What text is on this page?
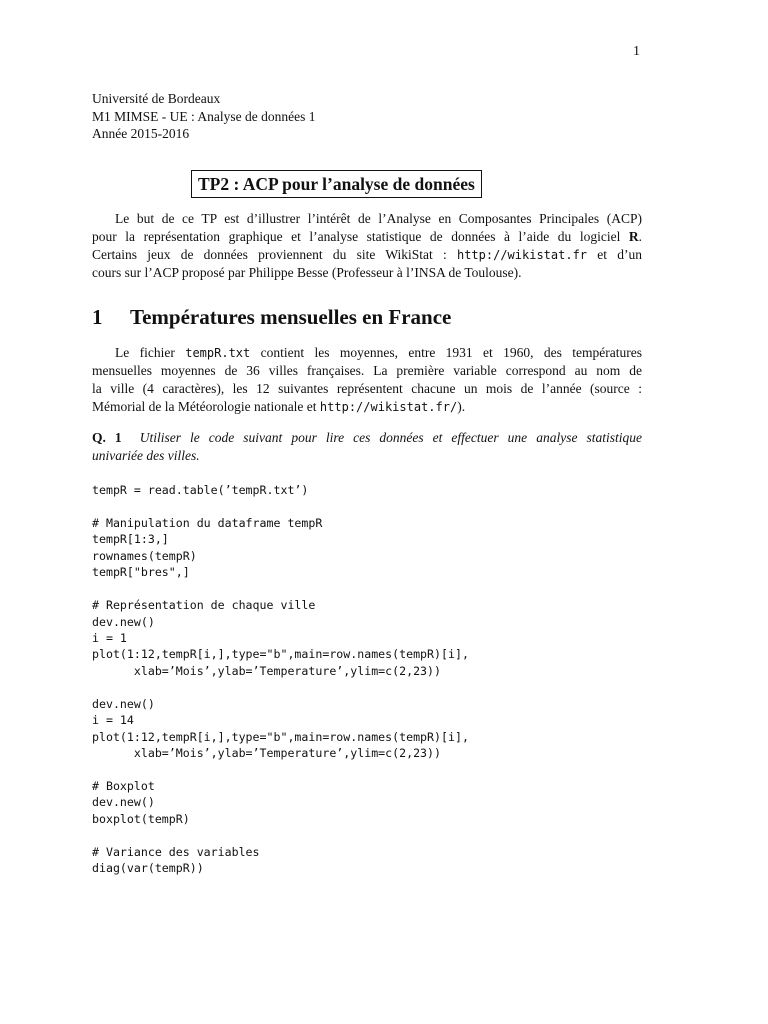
1
Université de Bordeaux
M1 MIMSE - UE : Analyse de données 1
Année 2015-2016
TP2 : ACP pour l’analyse de données
Le but de ce TP est d’illustrer l’intérêt de l’Analyse en Composantes Principales (ACP)
pour la représentation graphique et l’analyse statistique de données à l’aide du logiciel R.
Certains jeux de données proviennent du site WikiStat : http://wikistat.fr et d’un
cours sur l’ACP proposé par Philippe Besse (Professeur à l’INSA de Toulouse).
1 Températures mensuelles en France
Le fichier tempR.txt contient les moyennes, entre 1931 et 1960, des températures
mensuelles moyennes de 36 villes françaises. La première variable correspond au nom de
la ville (4 caractères), les 12 suivantes représentent chacune un mois de l’année (source :
Mémorial de la Météorologie nationale et http://wikistat.fr/).
Q. 1 Utiliser le code suivant pour lire ces données et effectuer une analyse statistique
univariée des villes.
tempR = read.table(’tempR.txt’)
# Manipulation du dataframe tempR
tempR[1:3,]
rownames(tempR)
tempR["bres",]
# Représentation de chaque ville
dev.new()
i = 1
plot(1:12,tempR[i,],type="b",main=row.names(tempR)[i],
xlab=’Mois’,ylab=’Temperature’,ylim=c(2,23))
dev.new()
i = 14
plot(1:12,tempR[i,],type="b",main=row.names(tempR)[i],
xlab=’Mois’,ylab=’Temperature’,ylim=c(2,23))
# Boxplot
dev.new()
boxplot(tempR)
# Variance des variables
diag(var(tempR))
